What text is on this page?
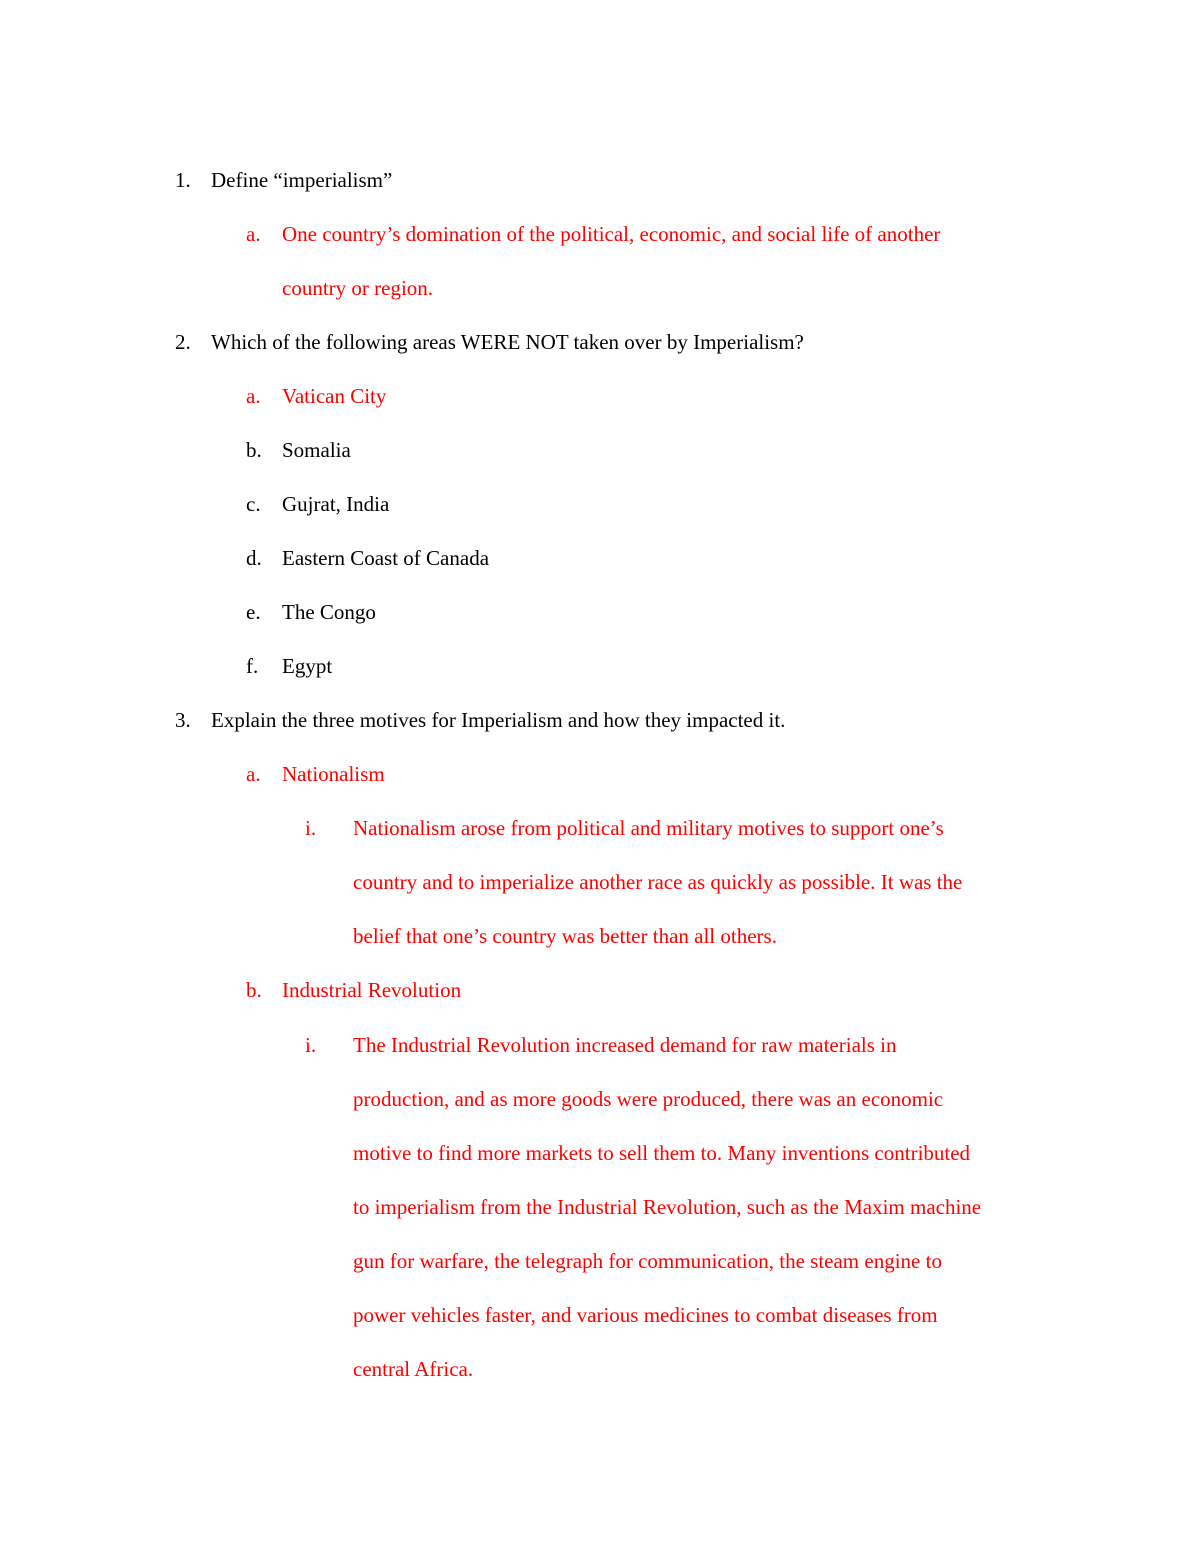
1. Define “imperialism”
a. One country’s domination of the political, economic, and social life of another
country or region.
2. Which of the following areas WERE NOT taken over by Imperialism?
a. Vatican City
b. Somalia
c. Gujrat, India
d. Eastern Coast of Canada
e. The Congo
f. Egypt
3. Explain the three motives for Imperialism and how they impacted it.
a. Nationalism
i. Nationalism arose from political and military motives to support one’s
country and to imperialize another race as quickly as possible. It was the
belief that one’s country was better than all others.
b. Industrial Revolution
i. The Industrial Revolution increased demand for raw materials in
production, and as more goods were produced, there was an economic
motive to find more markets to sell them to. Many inventions contributed
to imperialism from the Industrial Revolution, such as the Maxim machine
gun for warfare, the telegraph for communication, the steam engine to
power vehicles faster, and various medicines to combat diseases from
central Africa.
